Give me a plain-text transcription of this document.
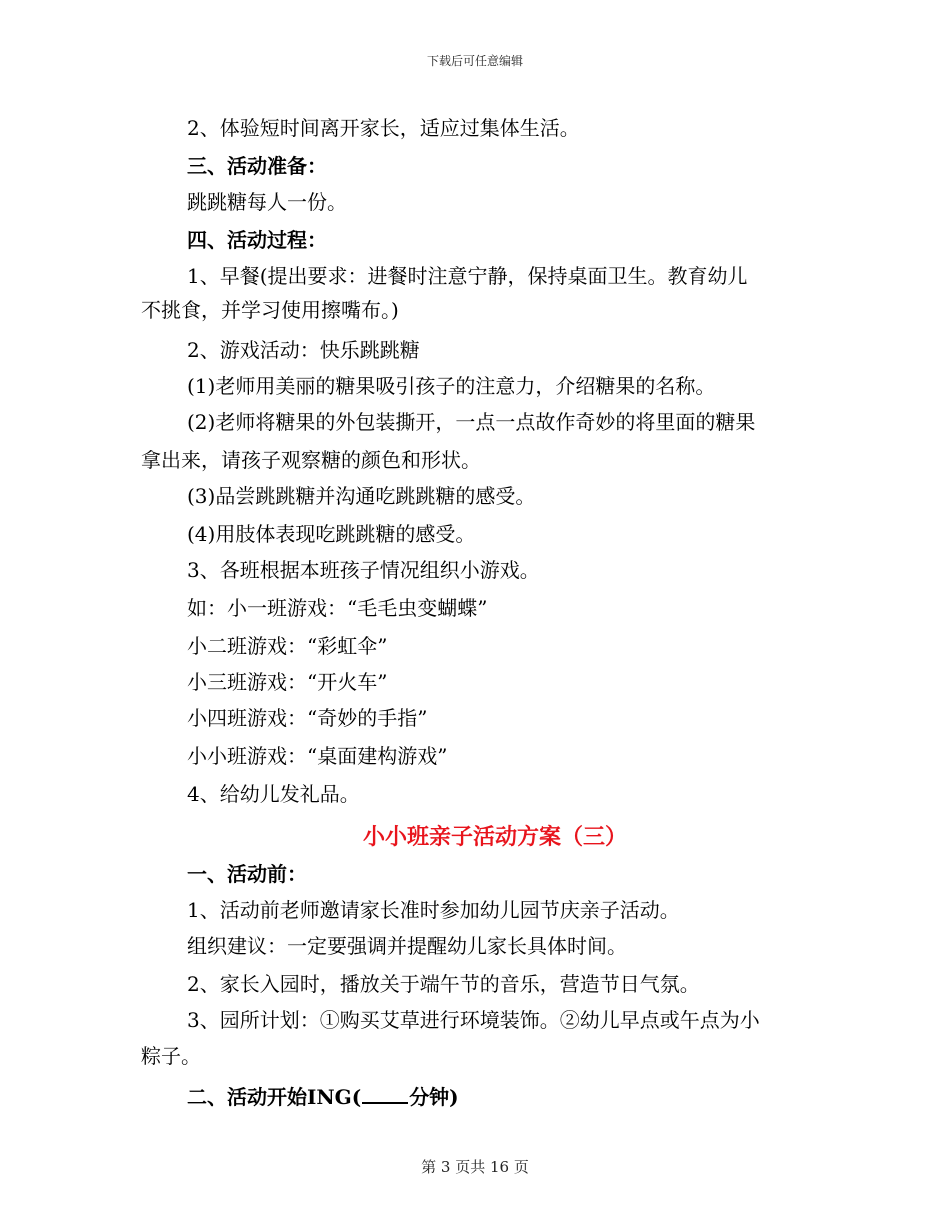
下载后可任意编辑
2、体验短时间离开家长，适应过集体生活。
三、活动准备：
跳跳糖每人一份。
四、活动过程：
1、早餐(提出要求：进餐时注意宁静，保持桌面卫生。教育幼儿
不挑食，并学习使用擦嘴布。)
2、游戏活动：快乐跳跳糖
(1)老师用美丽的糖果吸引孩子的注意力，介绍糖果的名称。
(2)老师将糖果的外包装撕开，一点一点故作奇妙的将里面的糖果
拿出来，请孩子观察糖的颜色和形状。
(3)品尝跳跳糖并沟通吃跳跳糖的感受。
(4)用肢体表现吃跳跳糖的感受。
3、各班根据本班孩子情况组织小游戏。
如：小一班游戏：“毛毛虫变蝴蝶”
小二班游戏：“彩虹伞”
小三班游戏：“开火车”
小四班游戏：“奇妙的手指”
小小班游戏：“桌面建构游戏”
4、给幼儿发礼品。
小小班亲子活动方案（三）
一、活动前：
1、活动前老师邀请家长准时参加幼儿园节庆亲子活动。
组织建议：一定要强调并提醒幼儿家长具体时间。
2、家长入园时，播放关于端午节的音乐，营造节日气氛。
3、园所计划：①购买艾草进行环境装饰。②幼儿早点或午点为小
粽子。
二、活动开始ING( 分钟)
第 3 页共 16 页
